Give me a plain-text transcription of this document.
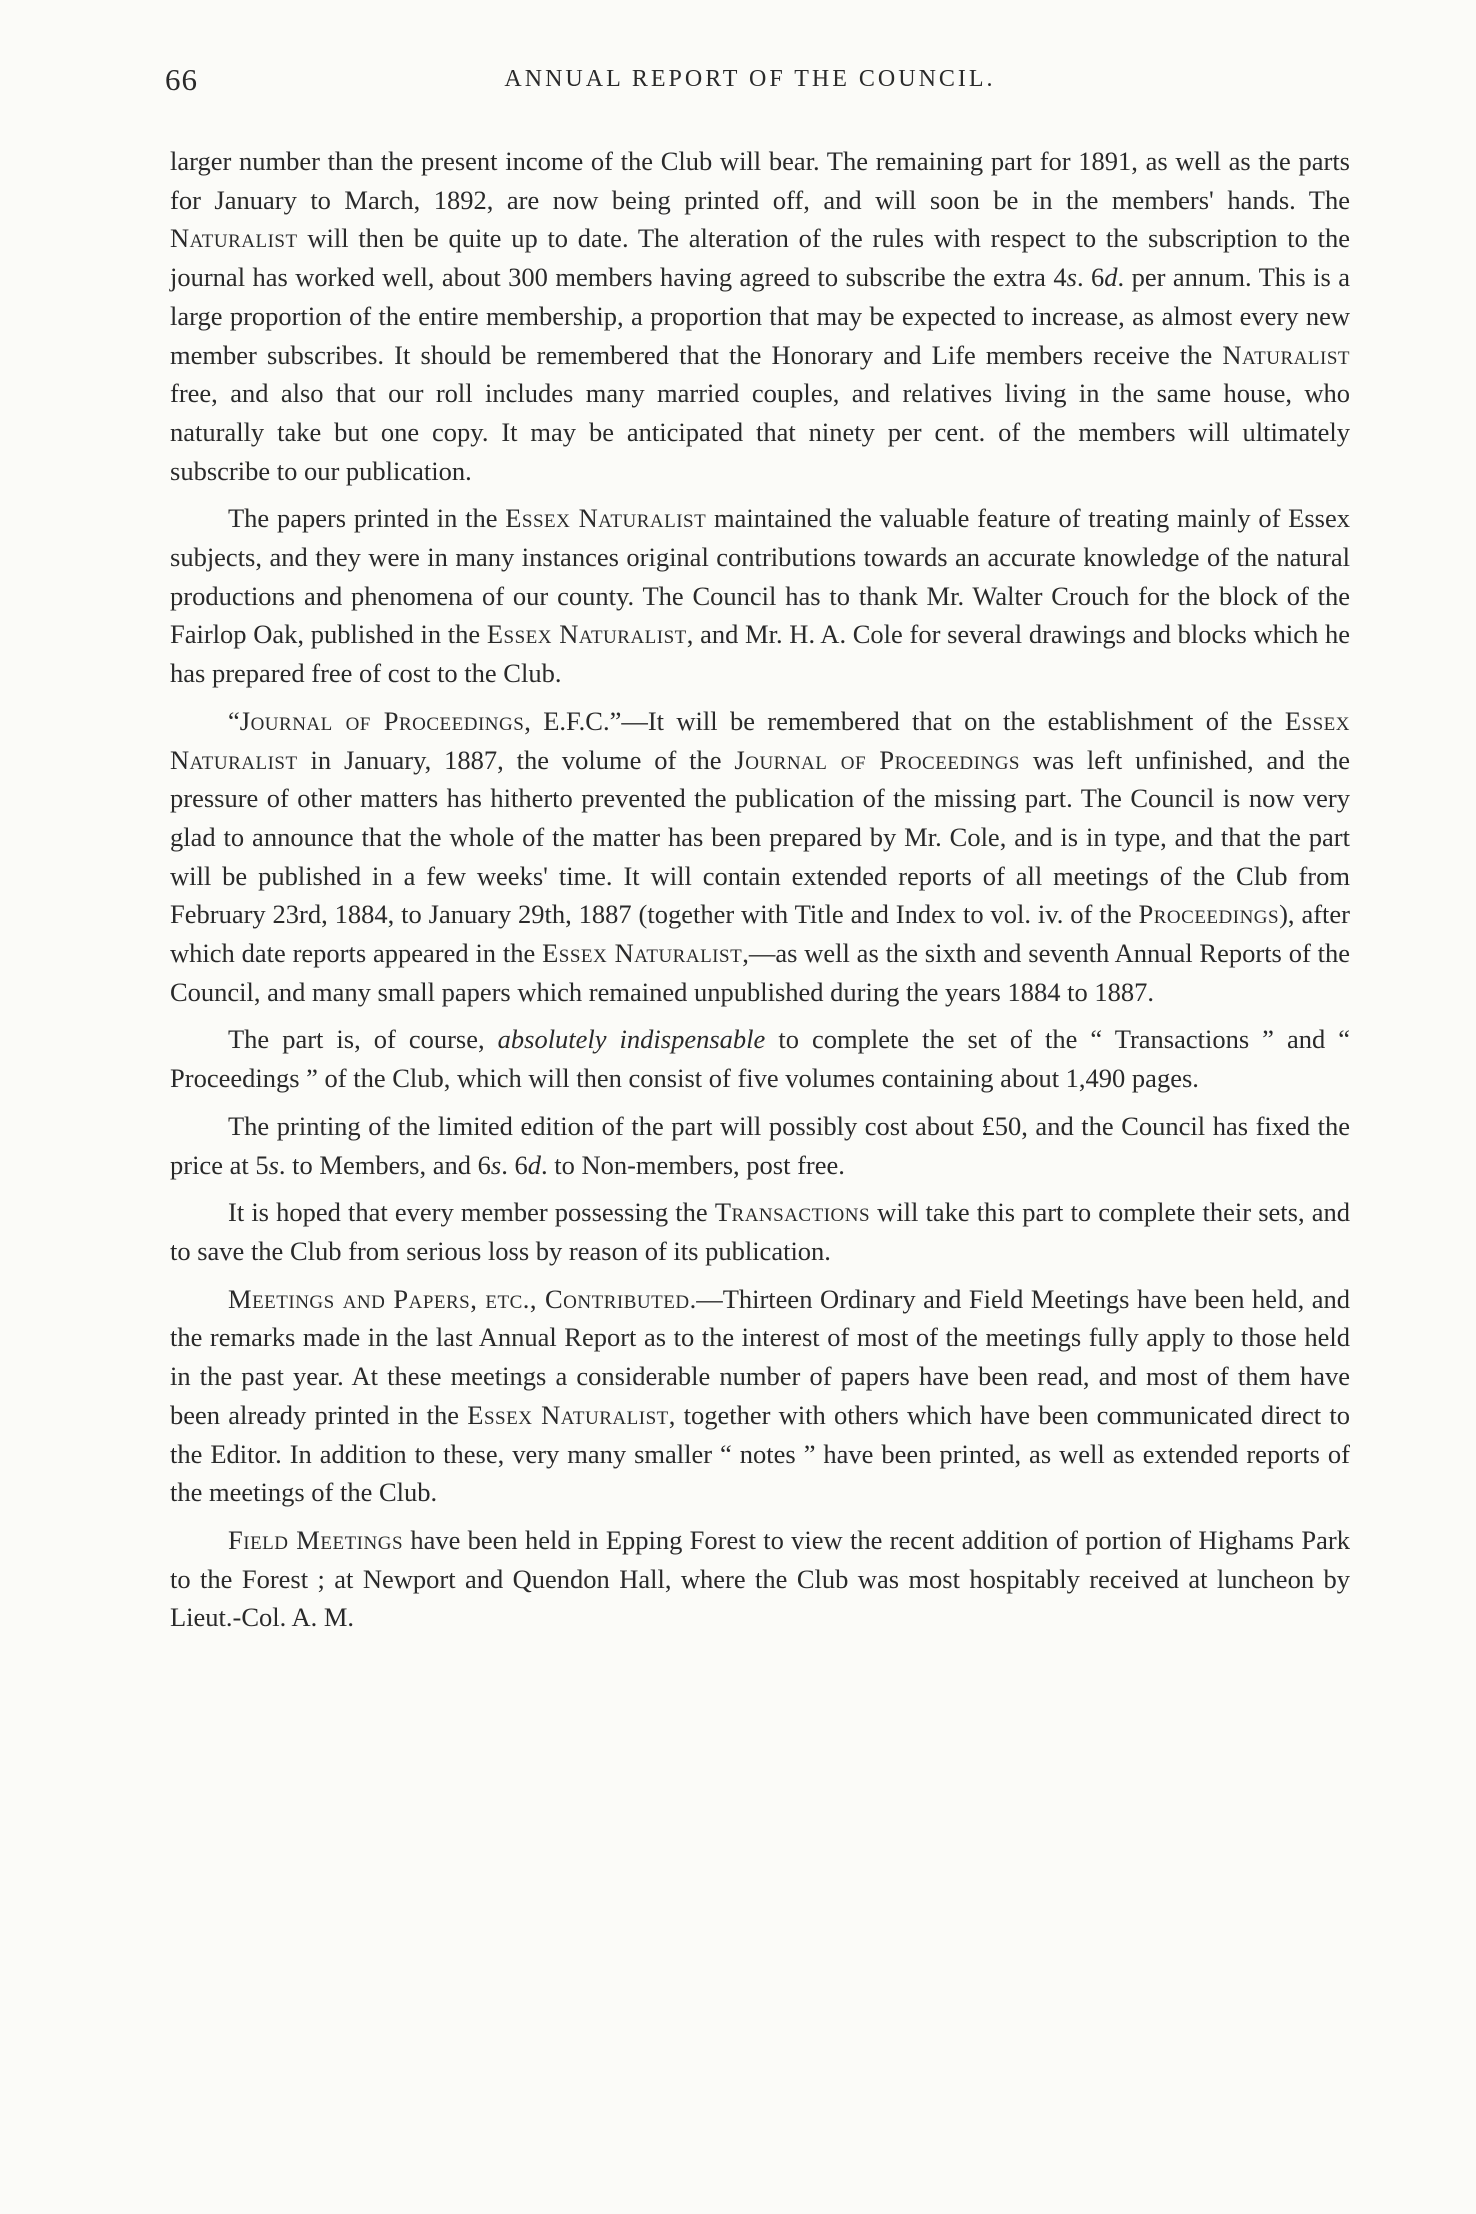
66	ANNUAL REPORT OF THE COUNCIL.

larger number than the present income of the Club will bear. The remaining part for 1891, as well as the parts for January to March, 1892, are now being printed off, and will soon be in the members' hands. The Naturalist will then be quite up to date. The alteration of the rules with respect to the subscription to the journal has worked well, about 300 members having agreed to subscribe the extra 4s. 6d. per annum. This is a large proportion of the entire membership, a proportion that may be expected to increase, as almost every new member subscribes. It should be remembered that the Honorary and Life members receive the Naturalist free, and also that our roll includes many married couples, and relatives living in the same house, who naturally take but one copy. It may be anticipated that ninety per cent. of the members will ultimately subscribe to our publication.

The papers printed in the Essex Naturalist maintained the valuable feature of treating mainly of Essex subjects, and they were in many instances original contributions towards an accurate knowledge of the natural productions and phenomena of our county. The Council has to thank Mr. Walter Crouch for the block of the Fairlop Oak, published in the Essex Naturalist, and Mr. H. A. Cole for several drawings and blocks which he has prepared free of cost to the Club.

“Journal of Proceedings, E.F.C.”—It will be remembered that on the establishment of the Essex Naturalist in January, 1887, the volume of the Journal of Proceedings was left unfinished, and the pressure of other matters has hitherto prevented the publication of the missing part. The Council is now very glad to announce that the whole of the matter has been prepared by Mr. Cole, and is in type, and that the part will be published in a few weeks' time. It will contain extended reports of all meetings of the Club from February 23rd, 1884, to January 29th, 1887 (together with Title and Index to vol. iv. of the Proceedings), after which date reports appeared in the Essex Naturalist,—as well as the sixth and seventh Annual Reports of the Council, and many small papers which remained unpublished during the years 1884 to 1887.

The part is, of course, absolutely indispensable to complete the set of the “ Transactions ” and “ Proceedings ” of the Club, which will then consist of five volumes containing about 1,490 pages.

The printing of the limited edition of the part will possibly cost about £50, and the Council has fixed the price at 5s. to Members, and 6s. 6d. to Non-members, post free.

It is hoped that every member possessing the Transactions will take this part to complete their sets, and to save the Club from serious loss by reason of its publication.

Meetings and Papers, etc., Contributed.—Thirteen Ordinary and Field Meetings have been held, and the remarks made in the last Annual Report as to the interest of most of the meetings fully apply to those held in the past year. At these meetings a considerable number of papers have been read, and most of them have been already printed in the Essex Naturalist, together with others which have been communicated direct to the Editor. In addition to these, very many smaller “ notes ” have been printed, as well as extended reports of the meetings of the Club.

Field Meetings have been held in Epping Forest to view the recent addition of portion of Highams Park to the Forest ; at Newport and Quendon Hall, where the Club was most hospitably received at luncheon by Lieut.-Col. A. M.
